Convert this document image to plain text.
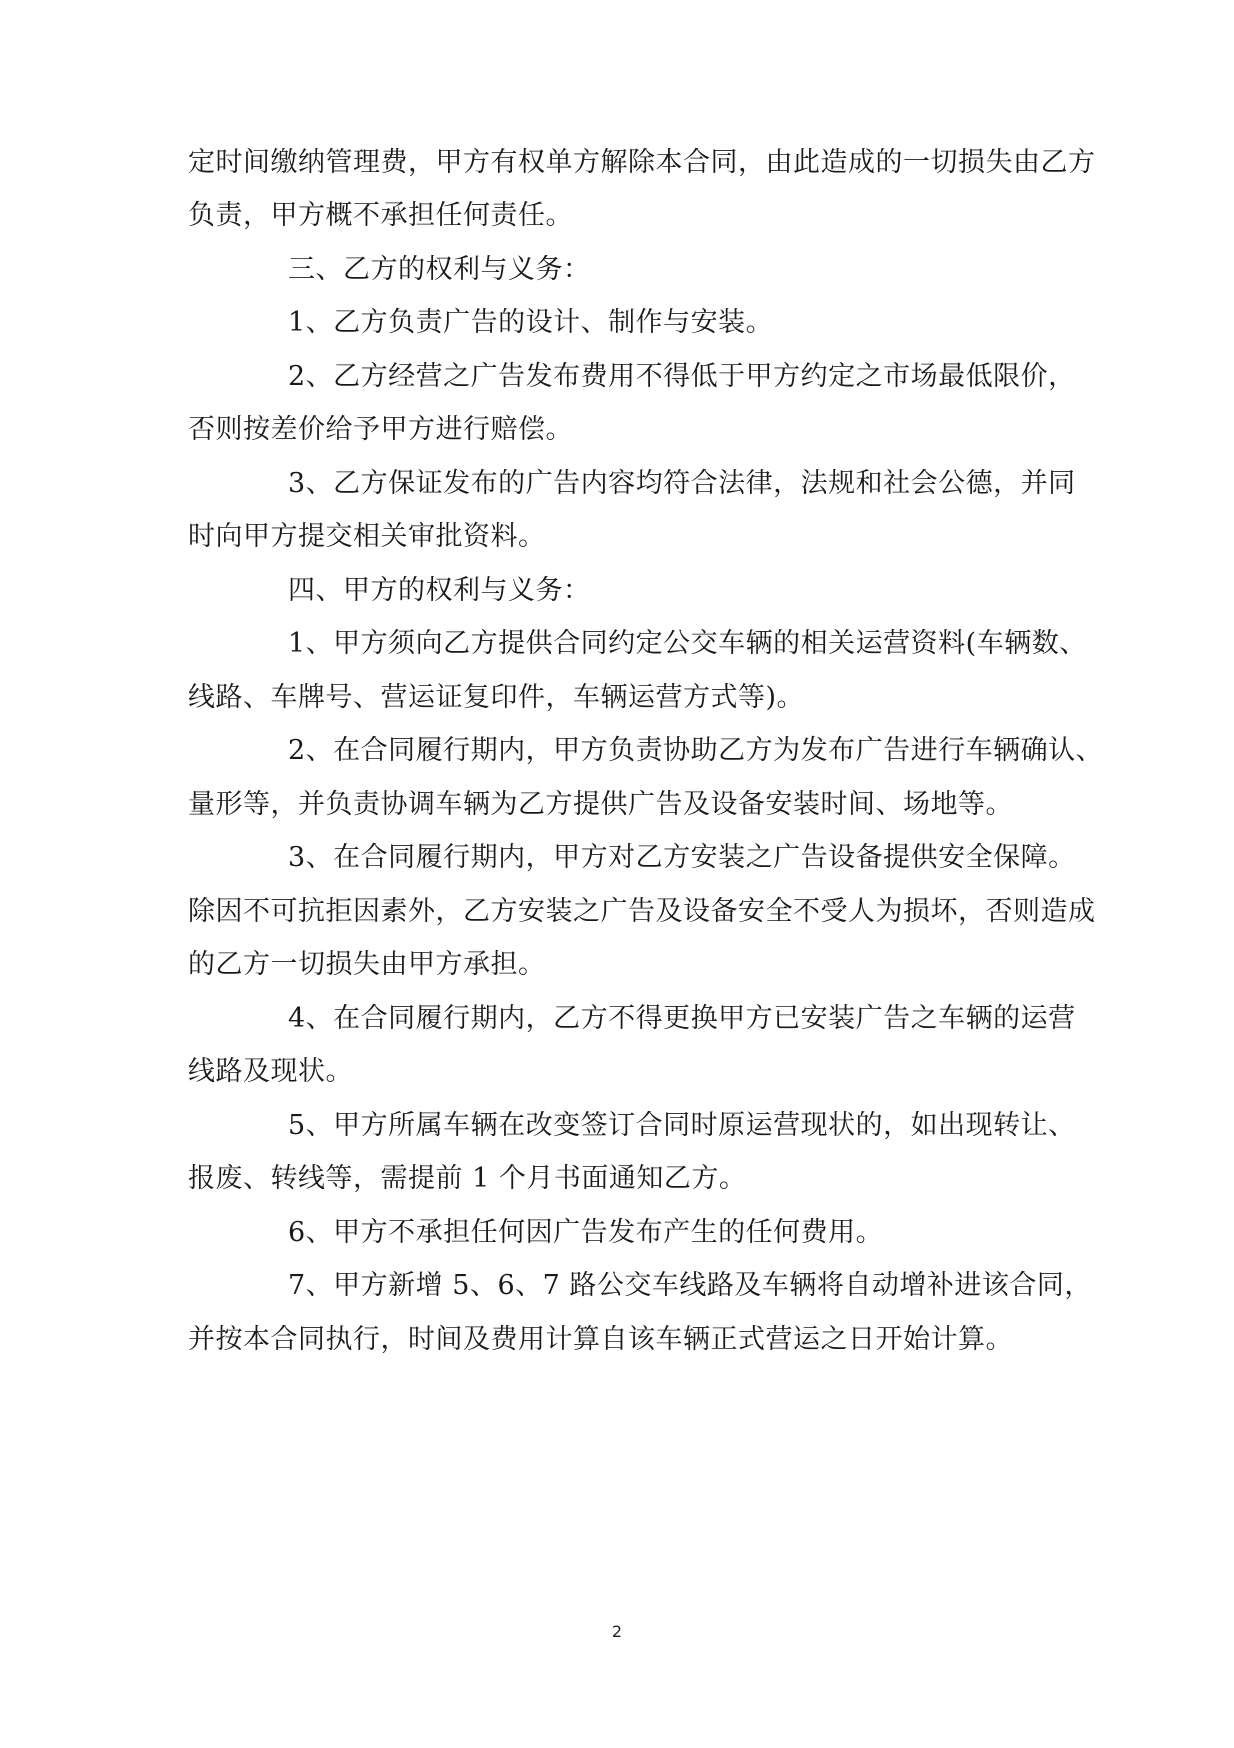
定时间缴纳管理费，甲方有权单方解除本合同，由此造成的一切损失由乙方
负责，甲方概不承担任何责任。
三、乙方的权利与义务：
1、乙方负责广告的设计、制作与安装。
2、乙方经营之广告发布费用不得低于甲方约定之市场最低限价，
否则按差价给予甲方进行赔偿。
3、乙方保证发布的广告内容均符合法律，法规和社会公德，并同
时向甲方提交相关审批资料。
四、甲方的权利与义务：
1、甲方须向乙方提供合同约定公交车辆的相关运营资料(车辆数、
线路、车牌号、营运证复印件，车辆运营方式等)。
2、在合同履行期内，甲方负责协助乙方为发布广告进行车辆确认、
量形等，并负责协调车辆为乙方提供广告及设备安装时间、场地等。
3、在合同履行期内，甲方对乙方安装之广告设备提供安全保障。
除因不可抗拒因素外，乙方安装之广告及设备安全不受人为损坏，否则造成
的乙方一切损失由甲方承担。
4、在合同履行期内，乙方不得更换甲方已安装广告之车辆的运营
线路及现状。
5、甲方所属车辆在改变签订合同时原运营现状的，如出现转让、
报废、转线等，需提前 1 个月书面通知乙方。
6、甲方不承担任何因广告发布产生的任何费用。
7、甲方新增 5、6、7 路公交车线路及车辆将自动增补进该合同，
并按本合同执行，时间及费用计算自该车辆正式营运之日开始计算。
2
